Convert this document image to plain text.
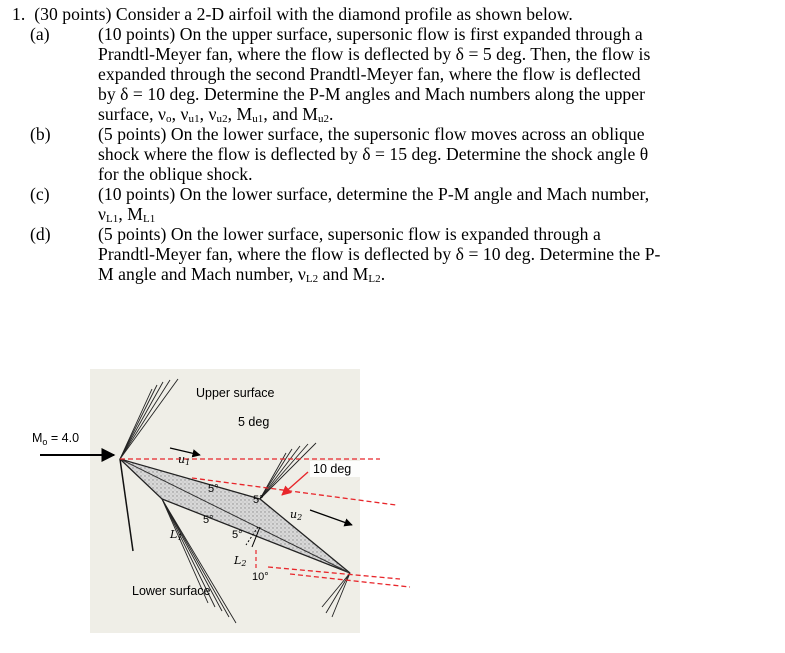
1. (30 points) Consider a 2-D airfoil with the diamond profile as shown below.
(a)	(10 points) On the upper surface, supersonic flow is first expanded through a
Prandtl-Meyer fan, where the flow is deflected by δ = 5 deg. Then, the flow is
expanded through the second Prandtl-Meyer fan, where the flow is deflected
by δ = 10 deg. Determine the P-M angles and Mach numbers along the upper
surface, $\nu_o$, $\nu_{u1}$, $\nu_{u2}$, $M_{u1}$, and $M_{u2}$.
(b)	(5 points) On the lower surface, the supersonic flow moves across an oblique
shock where the flow is deflected by δ = 15 deg. Determine the shock angle θ
for the oblique shock.
(c)	(10 points) On the lower surface, determine the P-M angle and Mach number,
$\nu_{L1}$, $M_{L1}$
(d)	(5 points) On the lower surface, supersonic flow is expanded through a
Prandtl-Meyer fan, where the flow is deflected by δ = 10 deg. Determine the P-
M angle and Mach number, $\nu_{L2}$ and $M_{L2}$.
$M_o = 4.0$
Upper surface
5 deg
10 deg
Lower surface
u1
u2
L1
L2
5°
5°
5°
5°
10°
